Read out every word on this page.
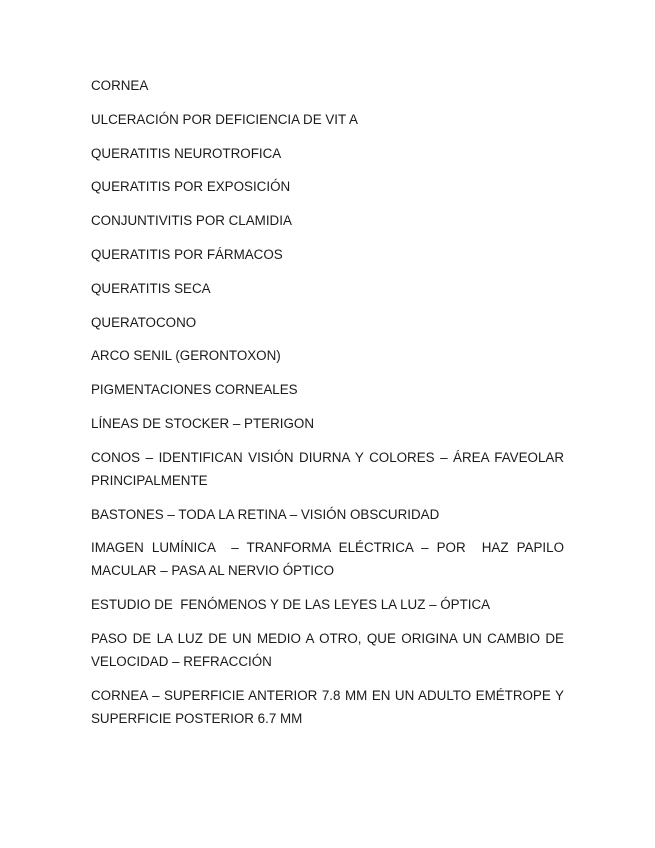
CORNEA

ULCERACIÓN POR DEFICIENCIA DE VIT A

QUERATITIS NEUROTROFICA

QUERATITIS POR EXPOSICIÓN

CONJUNTIVITIS POR CLAMIDIA

QUERATITIS POR FÁRMACOS

QUERATITIS SECA

QUERATOCONO

ARCO SENIL (GERONTOXON)

PIGMENTACIONES CORNEALES

LÍNEAS DE STOCKER – PTERIGON

CONOS – IDENTIFICAN VISIÓN DIURNA Y COLORES – ÁREA FAVEOLAR PRINCIPALMENTE

BASTONES – TODA LA RETINA – VISIÓN OBSCURIDAD

IMAGEN LUMÍNICA  – TRANFORMA ELÉCTRICA – POR  HAZ PAPILO MACULAR – PASA AL NERVIO ÓPTICO

ESTUDIO DE  FENÓMENOS Y DE LAS LEYES LA LUZ – ÓPTICA

PASO DE LA LUZ DE UN MEDIO A OTRO, QUE ORIGINA UN CAMBIO DE VELOCIDAD – REFRACCIÓN

CORNEA – SUPERFICIE ANTERIOR 7.8 MM EN UN ADULTO EMÉTROPE Y SUPERFICIE POSTERIOR 6.7 MM
